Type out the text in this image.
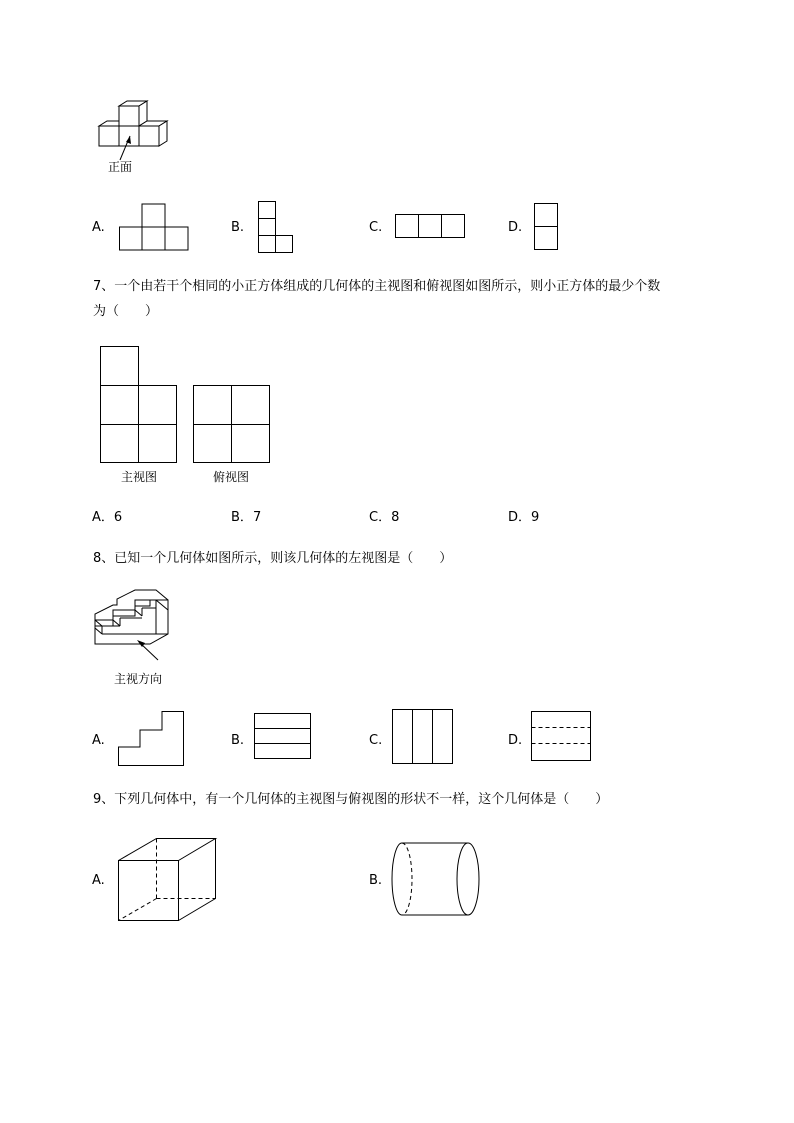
正面
A.	B.	C.	D.
7、一个由若干个相同的小正方体组成的几何体的主视图和俯视图如图所示，则小正方体的最少个数
为（　　）
主视图	俯视图
A．6	B．7	C．8	D．9
8、已知一个几何体如图所示，则该几何体的左视图是（　　）
主视方向
A.	B.	C.	D.
9、下列几何体中，有一个几何体的主视图与俯视图的形状不一样，这个几何体是（　　）
A.	B.
